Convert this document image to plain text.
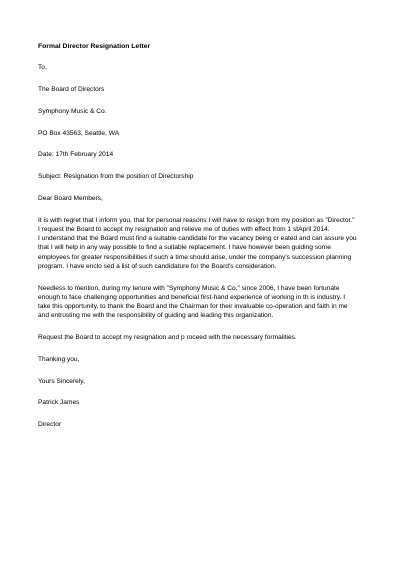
Formal Director Resignation Letter
To,
The Board of Directors
Symphony Music & Co.
PO Box 43563, Seattle, WA
Date: 17th February 2014
Subject: Resignation from the position of Directorship
Dear Board Members,
It is with regret that I inform you, that for personal reasons I will have to resign from my position as "Director."
I request the Board to accept my resignation and relieve me of duties with effect from 1 stApril 2014.
I understand that the Board must find a suitable candidate for the vacancy being cr eated and can assure you
that I will help in any way possible to find a suitable replacement. I have however been guiding some
employees for greater responsibilities if such a time should arise, under the company's succession planning
program. I have enclo sed a list of such candidature for the Board's consideration.
Needless to mention, during my tenure with "Symphony Music & Co." since 2006, I have been fortunate
enough to face challenging opportunities and beneficial first-hand experience of working in th is industry. I
take this opportunity, to thank the Board and the Chairman for their invaluable co-operation and faith in me
and entrusting me with the responsibility of guiding and leading this organization.
Request the Board to accept my resignation and p roceed with the necessary formalities.
Thanking you,
Yours Sincerely,
Patrick James
Director
